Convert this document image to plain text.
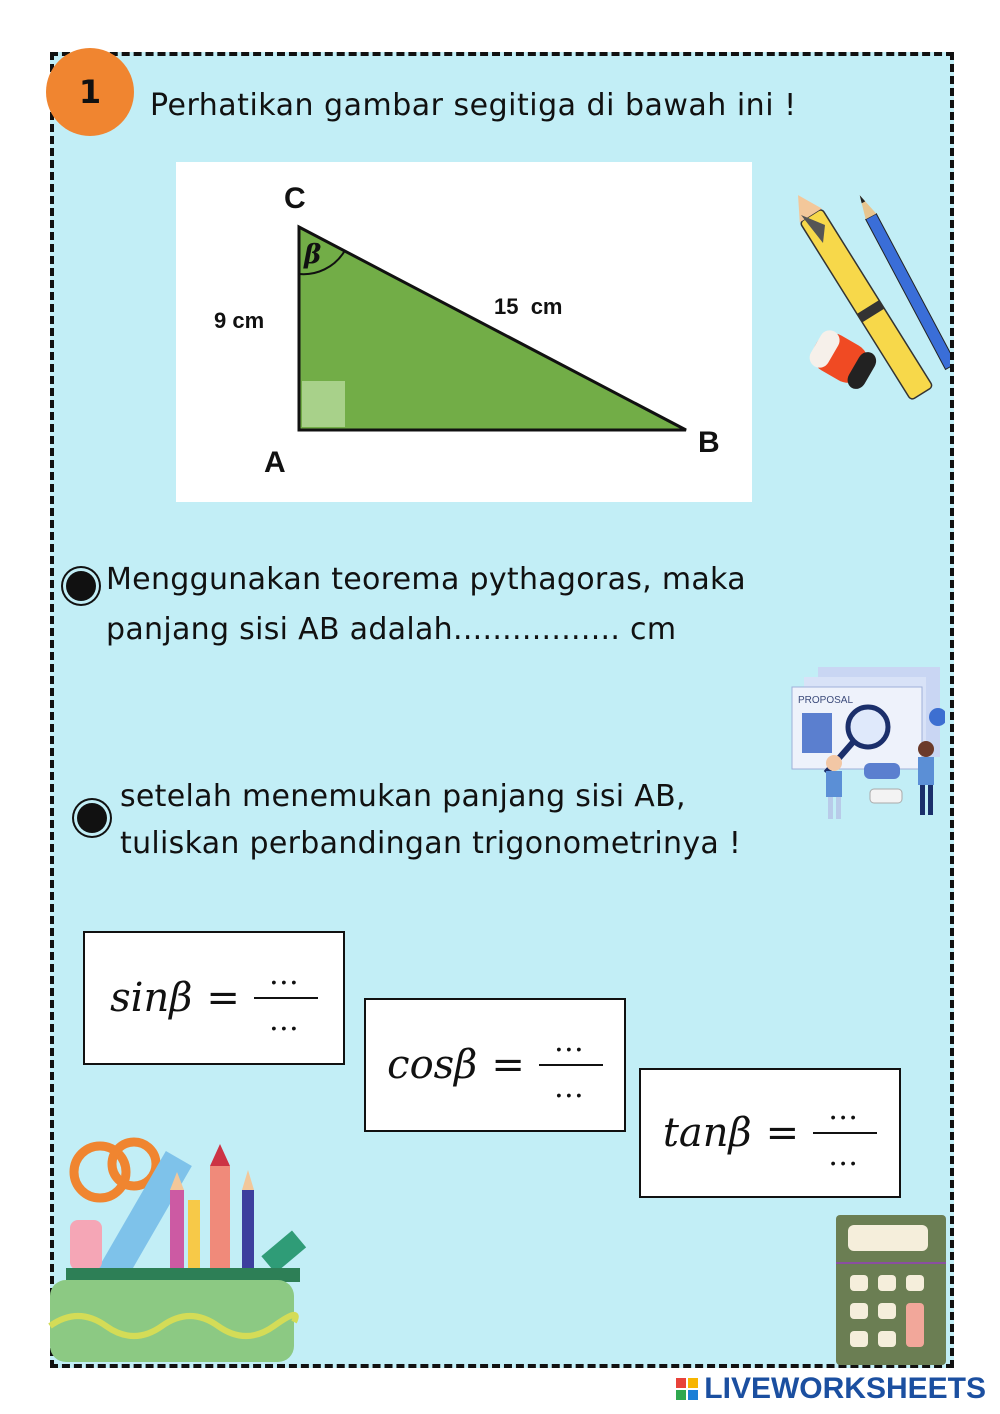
1 Perhatikan gambar segitiga di bawah ini !
C
A
B
β
9 cm
15  cm
Menggunakan teorema pythagoras, maka
panjang sisi AB adalah................. cm
PROPOSAL
setelah menemukan panjang sisi AB,
tuliskan perbandingan trigonometrinya !
$\sin\beta = \frac{\dots}{\dots}$
$\cos\beta = \frac{\dots}{\dots}$
$\tan\beta = \frac{\dots}{\dots}$
LIVEWORKSHEETS
